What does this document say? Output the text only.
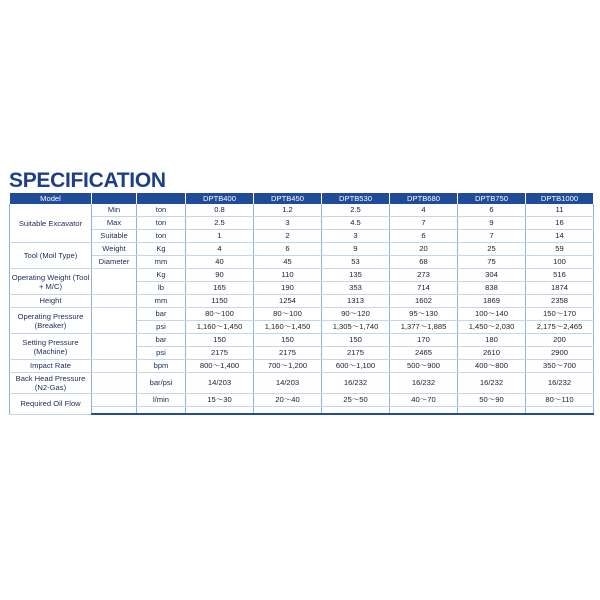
SPECIFICATION
Model			DPTB400	DPTB450	DPTB530	DPTB680	DPTB750	DPTB1000
Suitable Excavator	Min	ton	0.8	1.2	2.5	4	6	11
	Max	ton	2.5	3	4.5	7	9	16
	Suitable	ton	1	2	3	6	7	14
Tool (Moil Type)	Weight	Kg	4	6	9	20	25	59
	Diameter	mm	40	45	53	68	75	100
Operating Weight (Tool + M/C)		Kg	90	110	135	273	304	516
		lb	165	190	353	714	838	1874
Height		mm	1150	1254	1313	1602	1869	2358
Operating Pressure (Breaker)		bar	80～100	80～100	90～120	95～130	100～140	150～170
		psi	1,160～1,450	1,160～1,450	1,305～1,740	1,377～1,885	1,450～2,030	2,175～2,465
Setting Pressure (Machine)		bar	150	150	150	170	180	200
		psi	2175	2175	2175	2465	2610	2900
Impact Rate		bpm	800～1,400	700～1,200	600～1,100	500～900	400～800	350～700
Back Head Pressure (N2-Gas)		bar/psi	14/203	14/203	16/232	16/232	16/232	16/232
Required Oil Flow		l/min	15～30	20～40	25～50	40～70	50～90	80～110
